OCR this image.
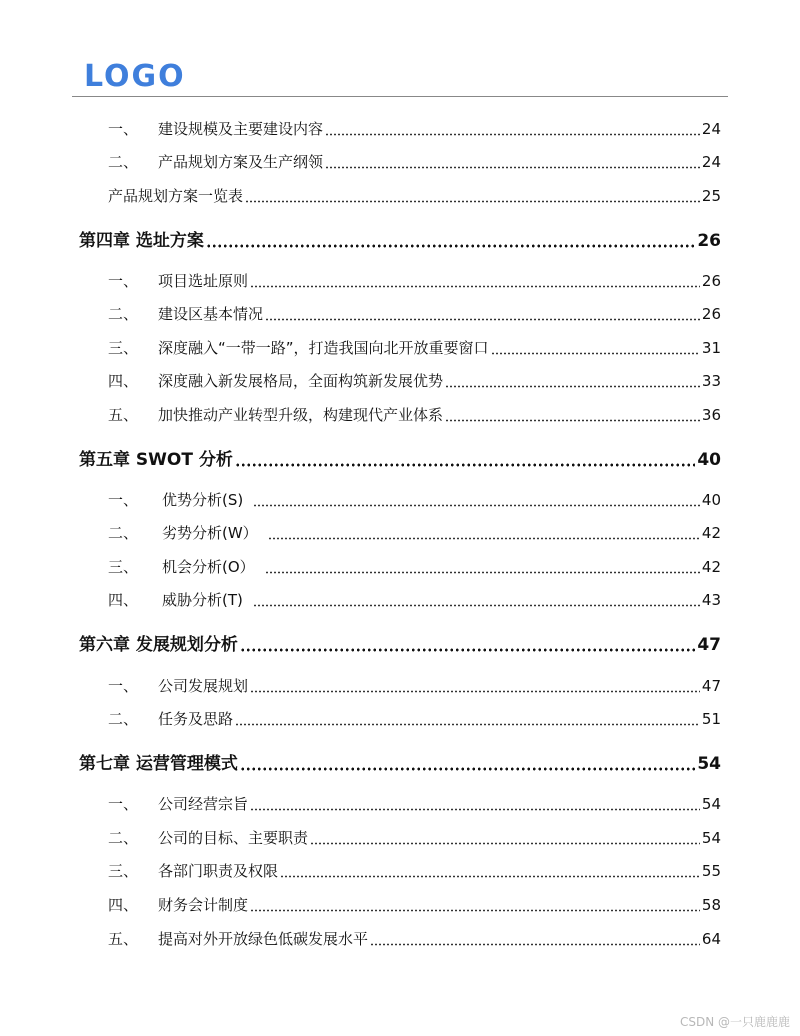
LOGO
一、	建设规模及主要建设内容	24
二、	产品规划方案及生产纲领	24
产品规划方案一览表	25
第四章 选址方案	26
一、	项目选址原则	26
二、	建设区基本情况	26
三、	深度融入“一带一路”，打造我国向北开放重要窗口	31
四、	深度融入新发展格局，全面构筑新发展优势	33
五、	加快推动产业转型升级，构建现代产业体系	36
第五章 SWOT 分析	40
一、	优势分析(S)	40
二、	劣势分析(W）	42
三、	机会分析(O）	42
四、	威胁分析(T)	43
第六章 发展规划分析	47
一、	公司发展规划	47
二、	任务及思路	51
第七章 运营管理模式	54
一、	公司经营宗旨	54
二、	公司的目标、主要职责	54
三、	各部门职责及权限	55
四、	财务会计制度	58
五、	提高对外开放绿色低碳发展水平	64
CSDN @一只鹿鹿鹿
